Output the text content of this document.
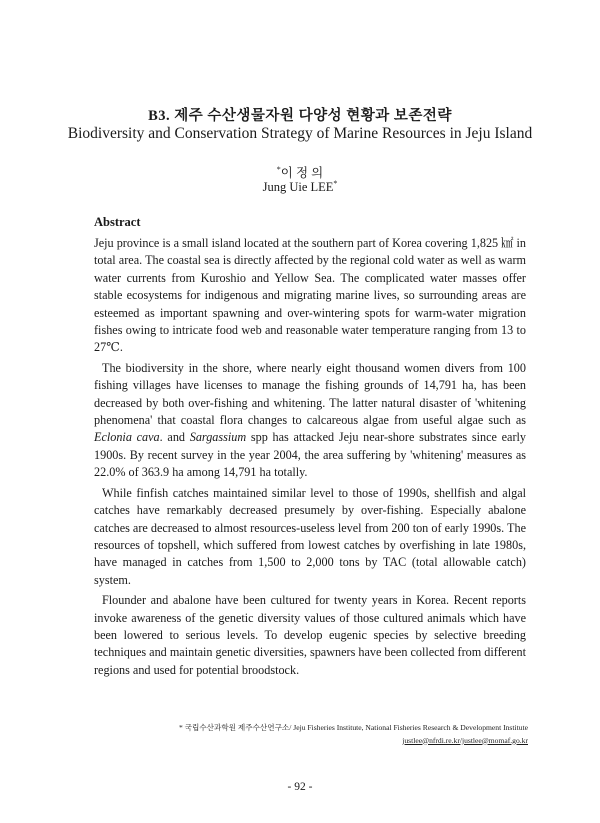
B3. 제주 수산생물자원 다양성 현황과 보존전략
Biodiversity and Conservation Strategy of Marine Resources in Jeju Island
*이 정 의
Jung Uie LEE*
Abstract

Jeju province is a small island located at the southern part of Korea covering 1,825 ㎢ in total area. The coastal sea is directly affected by the regional cold water as well as warm water currents from Kuroshio and Yellow Sea. The complicated water masses offer stable ecosystems for indigenous and migrating marine lives, so surrounding areas are esteemed as important spawning and over-wintering spots for warm-water migration fishes owing to intricate food web and reasonable water temperature ranging from 13 to 27℃.

The biodiversity in the shore, where nearly eight thousand women divers from 100 fishing villages have licenses to manage the fishing grounds of 14,791 ha, has been decreased by both over-fishing and whitening. The latter natural disaster of 'whitening phenomena' that coastal flora changes to calcareous algae from useful algae such as Eclonia cava. and Sargassium spp has attacked Jeju near-shore substrates since early 1900s. By recent survey in the year 2004, the area suffering by 'whitening' measures as 22.0% of 363.9 ha among 14,791 ha totally.

While finfish catches maintained similar level to those of 1990s, shellfish and algal catches have remarkably decreased presumely by over-fishing. Especially abalone catches are decreased to almost resources-useless level from 200 ton of early 1990s. The resources of topshell, which suffered from lowest catches by overfishing in late 1980s, have managed in catches from 1,500 to 2,000 tons by TAC (total allowable catch) system.

Flounder and abalone have been cultured for twenty years in Korea. Recent reports invoke awareness of the genetic diversity values of those cultured animals which have been lowered to serious levels. To develop eugenic species by selective breeding techniques and maintain genetic diversities, spawners have been collected from different regions and used for potential broodstock.

* 국립수산과학원 제주수산연구소/ Jeju Fisheries Institute, National Fisheries Research & Development Institute
justlee@nfrdi.re.kr/justlee@momaf.go.kr
- 92 -
